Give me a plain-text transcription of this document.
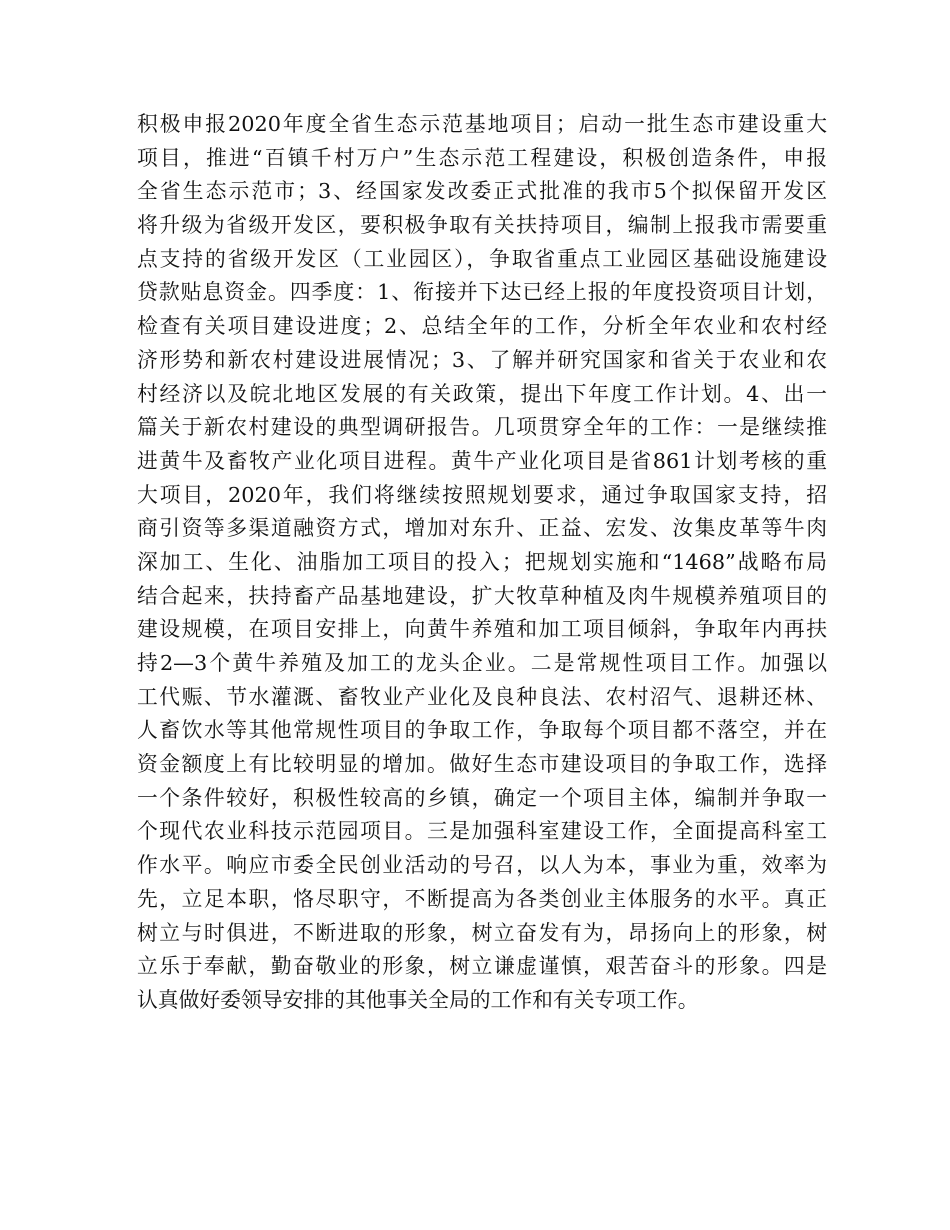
积极申报2020年度全省生态示范基地项目；启动一批生态市建设重大
项目，推进“百镇千村万户”生态示范工程建设，积极创造条件，申报
全省生态示范市；3、经国家发改委正式批准的我市5个拟保留开发区
将升级为省级开发区，要积极争取有关扶持项目，编制上报我市需要重
点支持的省级开发区（工业园区），争取省重点工业园区基础设施建设
贷款贴息资金。四季度：1、衔接并下达已经上报的年度投资项目计划，
检查有关项目建设进度；2、总结全年的工作，分析全年农业和农村经
济形势和新农村建设进展情况；3、了解并研究国家和省关于农业和农
村经济以及皖北地区发展的有关政策，提出下年度工作计划。4、出一
篇关于新农村建设的典型调研报告。几项贯穿全年的工作：一是继续推
进黄牛及畜牧产业化项目进程。黄牛产业化项目是省861计划考核的重
大项目，2020年，我们将继续按照规划要求，通过争取国家支持，招
商引资等多渠道融资方式，增加对东升、正益、宏发、汝集皮革等牛肉
深加工、生化、油脂加工项目的投入；把规划实施和“1468”战略布局
结合起来，扶持畜产品基地建设，扩大牧草种植及肉牛规模养殖项目的
建设规模，在项目安排上，向黄牛养殖和加工项目倾斜，争取年内再扶
持2—3个黄牛养殖及加工的龙头企业。二是常规性项目工作。加强以
工代赈、节水灌溉、畜牧业产业化及良种良法、农村沼气、退耕还林、
人畜饮水等其他常规性项目的争取工作，争取每个项目都不落空，并在
资金额度上有比较明显的增加。做好生态市建设项目的争取工作，选择
一个条件较好，积极性较高的乡镇，确定一个项目主体，编制并争取一
个现代农业科技示范园项目。三是加强科室建设工作，全面提高科室工
作水平。响应市委全民创业活动的号召，以人为本，事业为重，效率为
先，立足本职，恪尽职守，不断提高为各类创业主体服务的水平。真正
树立与时俱进，不断进取的形象，树立奋发有为，昂扬向上的形象，树
立乐于奉献，勤奋敬业的形象，树立谦虚谨慎，艰苦奋斗的形象。四是
认真做好委领导安排的其他事关全局的工作和有关专项工作。
